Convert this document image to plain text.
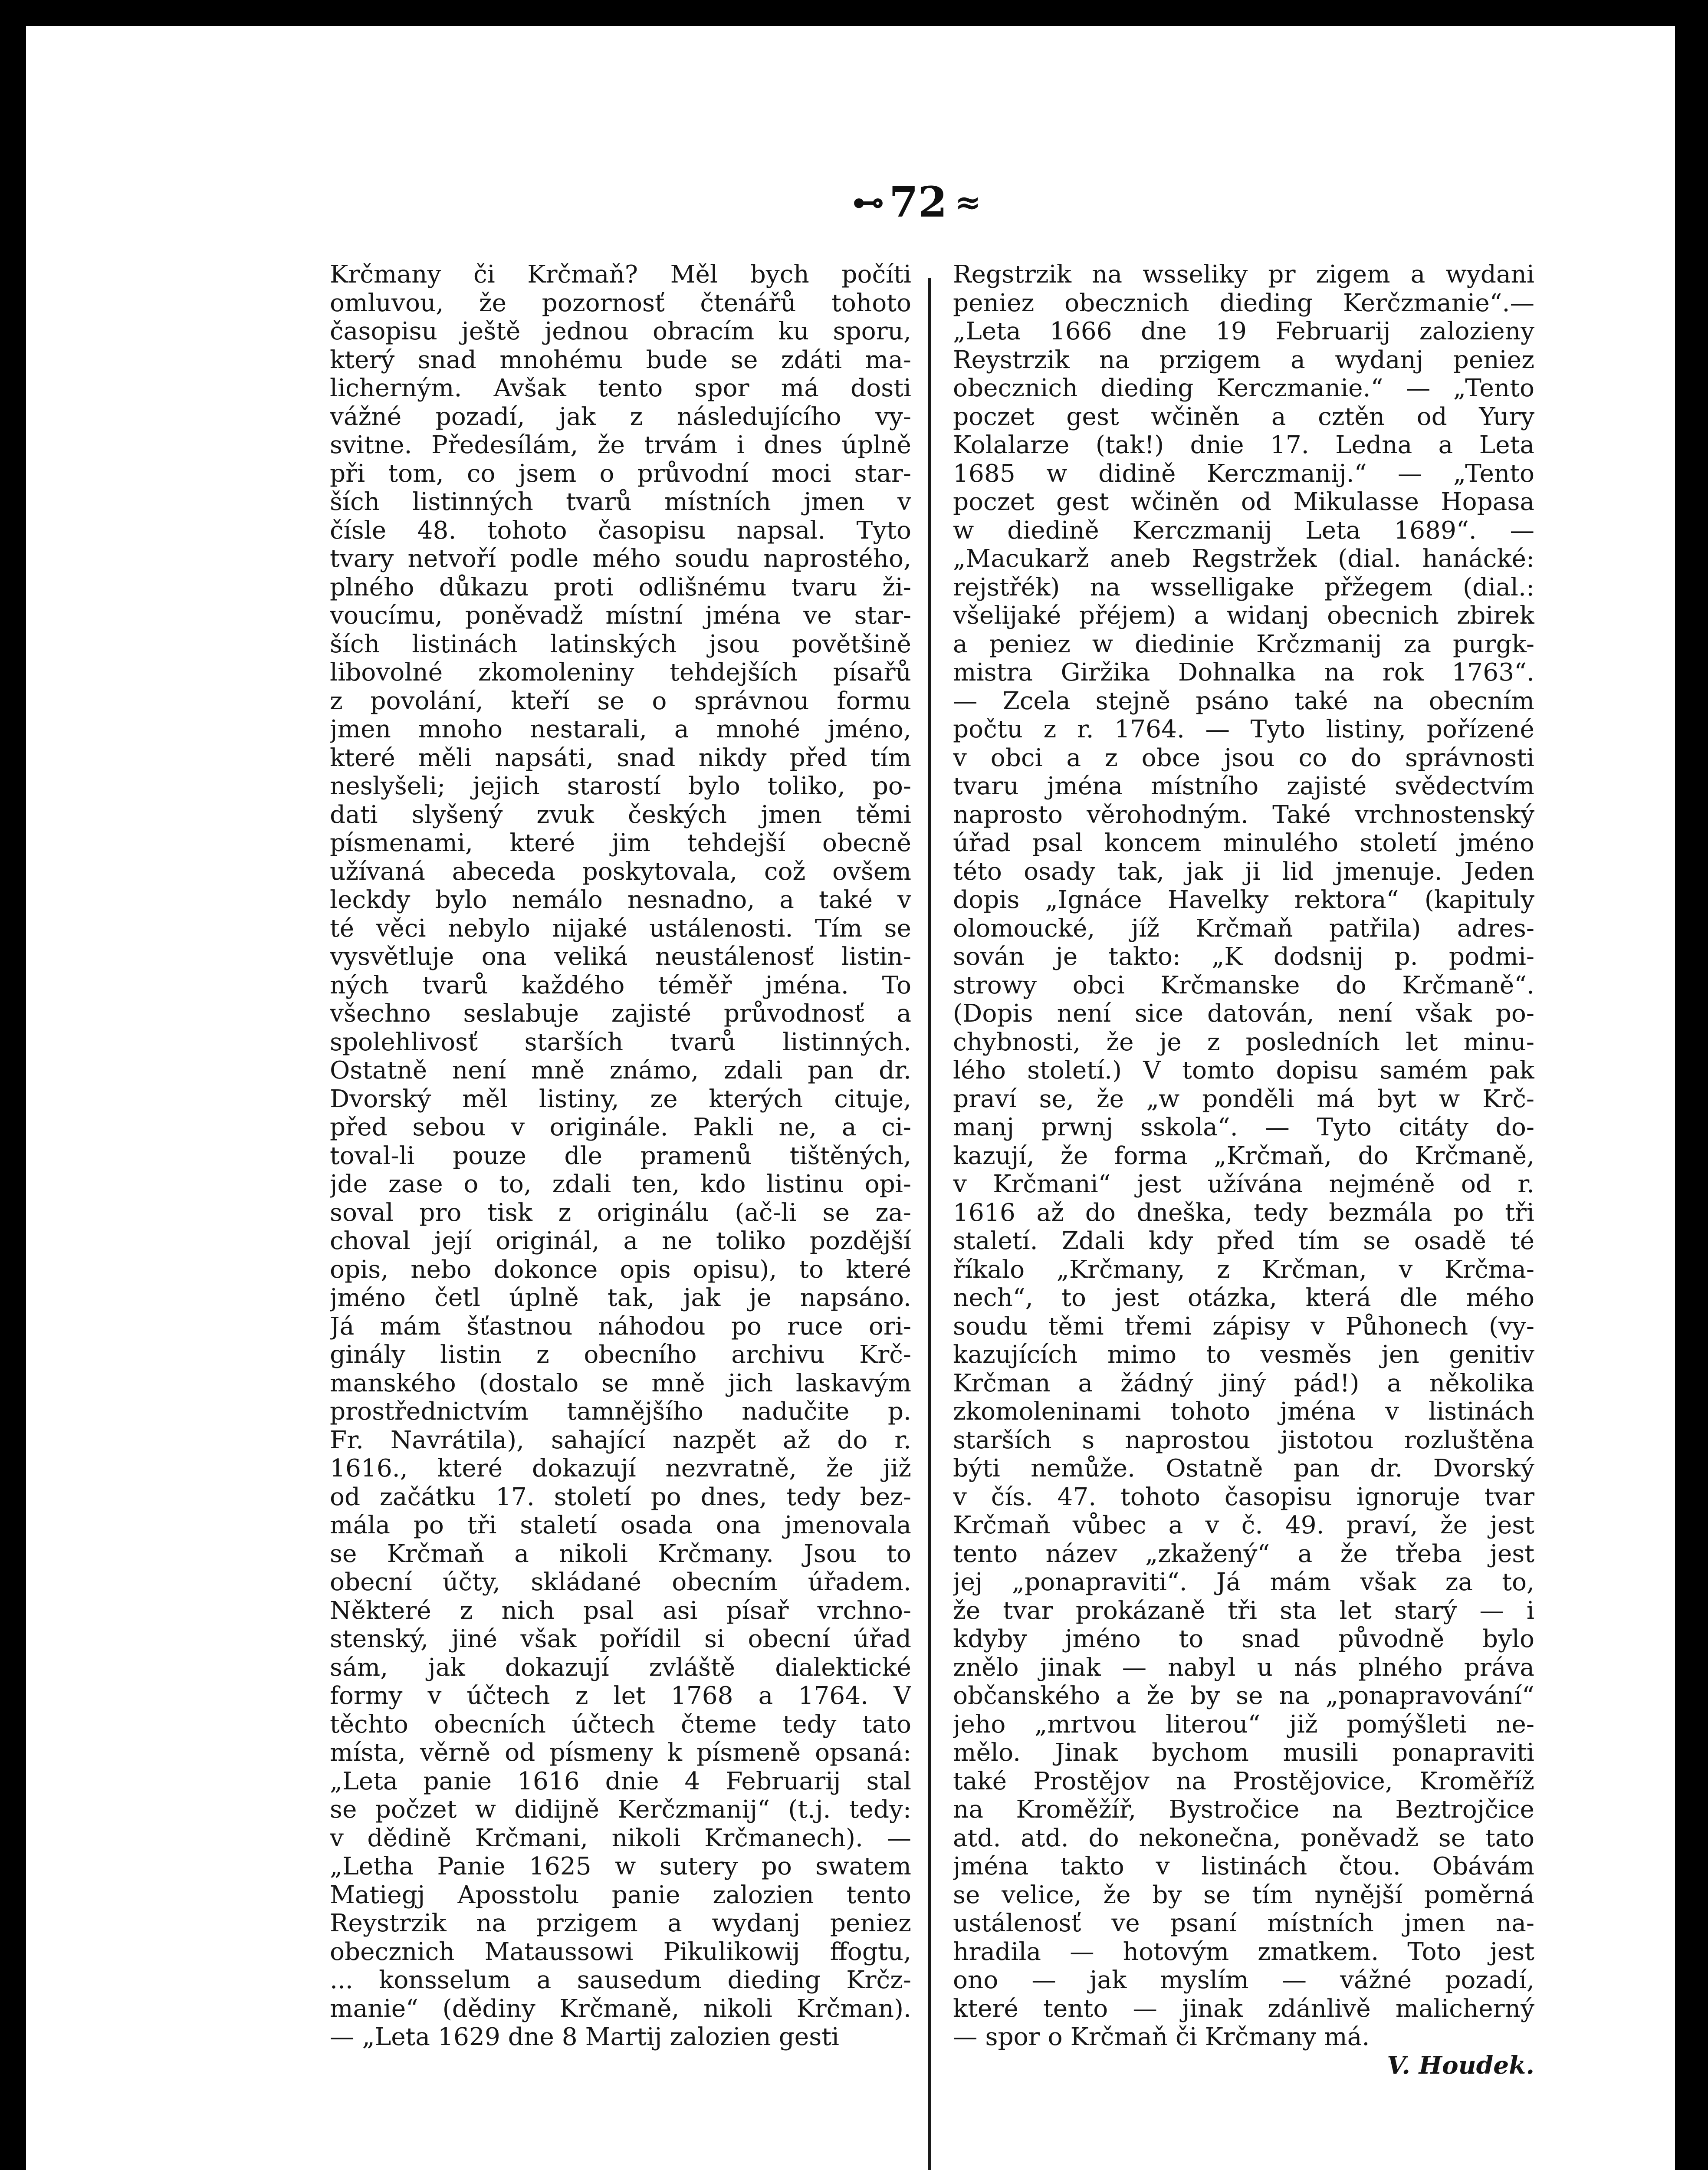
⊷ 72 ≈

Krčmany či Krčmaň? Měl bych počíti

omluvou, že pozornosť čtenářů tohoto

časopisu ještě jednou obracím ku sporu,

který snad mnohému bude se zdáti ma-

licherným. Avšak tento spor má dosti

vážné pozadí, jak z následujícího vy-

svitne. Předesílám, že trvám i dnes úplně

při tom, co jsem o průvodní moci star-

ších listinných tvarů místních jmen v

čísle 48. tohoto časopisu napsal. Tyto

tvary netvoří podle mého soudu naprostého,

plného důkazu proti odlišnému tvaru ži-

voucímu, poněvadž místní jména ve star-

ších listinách latinských jsou povětšině

libovolné zkomoleniny tehdejších písařů

z povolání, kteří se o správnou formu

jmen mnoho nestarali, a mnohé jméno,

které měli napsáti, snad nikdy před tím

neslyšeli; jejich starostí bylo toliko, po-

dati slyšený zvuk českých jmen těmi

písmenami, které jim tehdejší obecně

užívaná abeceda poskytovala, což ovšem

leckdy bylo nemálo nesnadno, a také v

té věci nebylo nijaké ustálenosti. Tím se

vysvětluje ona veliká neustálenosť listin-

ných tvarů každého téměř jména. To

všechno seslabuje zajisté průvodnosť a

spolehlivosť starších tvarů listinných.

Ostatně není mně známo, zdali pan dr.

Dvorský měl listiny, ze kterých cituje,

před sebou v originále. Pakli ne, a ci-

toval-li pouze dle pramenů tištěných,

jde zase o to, zdali ten, kdo listinu opi-

soval pro tisk z originálu (ač-li se za-

choval její originál, a ne toliko pozdější

opis, nebo dokonce opis opisu), to které

jméno četl úplně tak, jak je napsáno.

Já mám šťastnou náhodou po ruce ori-

ginály listin z obecního archivu Krč-

manského (dostalo se mně jich laskavým

prostřednictvím tamnějšího nadučite p.

Fr. Navrátila), sahající nazpět až do r.

1616., které dokazují nezvratně, že již

od začátku 17. století po dnes, tedy bez-

mála po tři staletí osada ona jmenovala

se Krčmaň a nikoli Krčmany. Jsou to

obecní účty, skládané obecním úřadem.

Některé z nich psal asi písař vrchno-

stenský, jiné však pořídil si obecní úřad

sám, jak dokazují zvláště dialektické

formy v účtech z let 1768 a 1764. V

těchto obecních účtech čteme tedy tato

místa, věrně od písmeny k písmeně opsaná:

„Leta panie 1616 dnie 4 Februarij stal

se počzet w didijně Kerčzmanij“ (t.j. tedy:

v dědině Krčmani, nikoli Krčmanech). —

„Letha Panie 1625 w sutery po swatem

Matiegj Aposstolu panie zalozien tento

Reystrzik na przigem a wydanj peniez

obecznich Mataussowi Pikulikowij ffogtu,

... konsselum a sausedum dieding Krčz-

manie“ (dědiny Krčmaně, nikoli Krčman).

— „Leta 1629 dne 8 Martij zalozien gesti

Regstrzik na wsseliky pr zigem a wydani

peniez obecznich dieding Kerčzmanie“.—

„Leta 1666 dne 19 Februarij zalozieny

Reystrzik na przigem a wydanj peniez

obecznich dieding Kerczmanie.“ — „Tento

poczet gest wčiněn a cztěn od Yury

Kolalarze (tak!) dnie 17. Ledna a Leta

1685 w didině Kerczmanij.“ — „Tento

poczet gest wčiněn od Mikulasse Hopasa

w diedině Kerczmanij Leta 1689“. —

„Macukarž aneb Regstržek (dial. hanácké:

rejstřék) na wsselligake přžegem (dial.:

všelijaké přéjem) a widanj obecnich zbirek

a peniez w diedinie Krčzmanij za purgk-

mistra Giržika Dohnalka na rok 1763“.

— Zcela stejně psáno také na obecním

počtu z r. 1764. — Tyto listiny, pořízené

v obci a z obce jsou co do správnosti

tvaru jména místního zajisté svědectvím

naprosto věrohodným. Také vrchnostenský

úřad psal koncem minulého století jméno

této osady tak, jak ji lid jmenuje. Jeden

dopis „Ignáce Havelky rektora“ (kapituly

olomoucké, jíž Krčmaň patřila) adres-

sován je takto: „K dodsnij p. podmi-

strowy obci Krčmanske do Krčmaně“.

(Dopis není sice datován, není však po-

chybnosti, že je z posledních let minu-

lého století.) V tomto dopisu samém pak

praví se, že „w ponděli má byt w Krč-

manj prwnj sskola“. — Tyto citáty do-

kazují, že forma „Krčmaň, do Krčmaně,

v Krčmani“ jest užívána nejméně od r.

1616 až do dneška, tedy bezmála po tři

staletí. Zdali kdy před tím se osadě té

říkalo „Krčmany, z Krčman, v Krčma-

nech“, to jest otázka, která dle mého

soudu těmi třemi zápisy v Půhonech (vy-

kazujících mimo to vesměs jen genitiv

Krčman a žádný jiný pád!) a několika

zkomoleninami tohoto jména v listinách

starších s naprostou jistotou rozluštěna

býti nemůže. Ostatně pan dr. Dvorský

v čís. 47. tohoto časopisu ignoruje tvar

Krčmaň vůbec a v č. 49. praví, že jest

tento název „zkažený“ a že třeba jest

jej „ponapraviti“. Já mám však za to,

že tvar prokázaně tři sta let starý — i

kdyby jméno to snad původně bylo

znělo jinak — nabyl u nás plného práva

občanského a že by se na „ponapravování“

jeho „mrtvou literou“ již pomýšleti ne-

mělo. Jinak bychom musili ponapraviti

také Prostějov na Prostějovice, Kroměříž

na Kroměžíř, Bystročice na Beztrojčice

atd. atd. do nekonečna, poněvadž se tato

jména takto v listinách čtou. Obávám

se velice, že by se tím nynější poměrná

ustálenosť ve psaní místních jmen na-

hradila — hotovým zmatkem. Toto jest

ono — jak myslím — vážné pozadí,

které tento — jinak zdánlivě malicherný

— spor o Krčmaň či Krčmany má.

V. Houdek.
